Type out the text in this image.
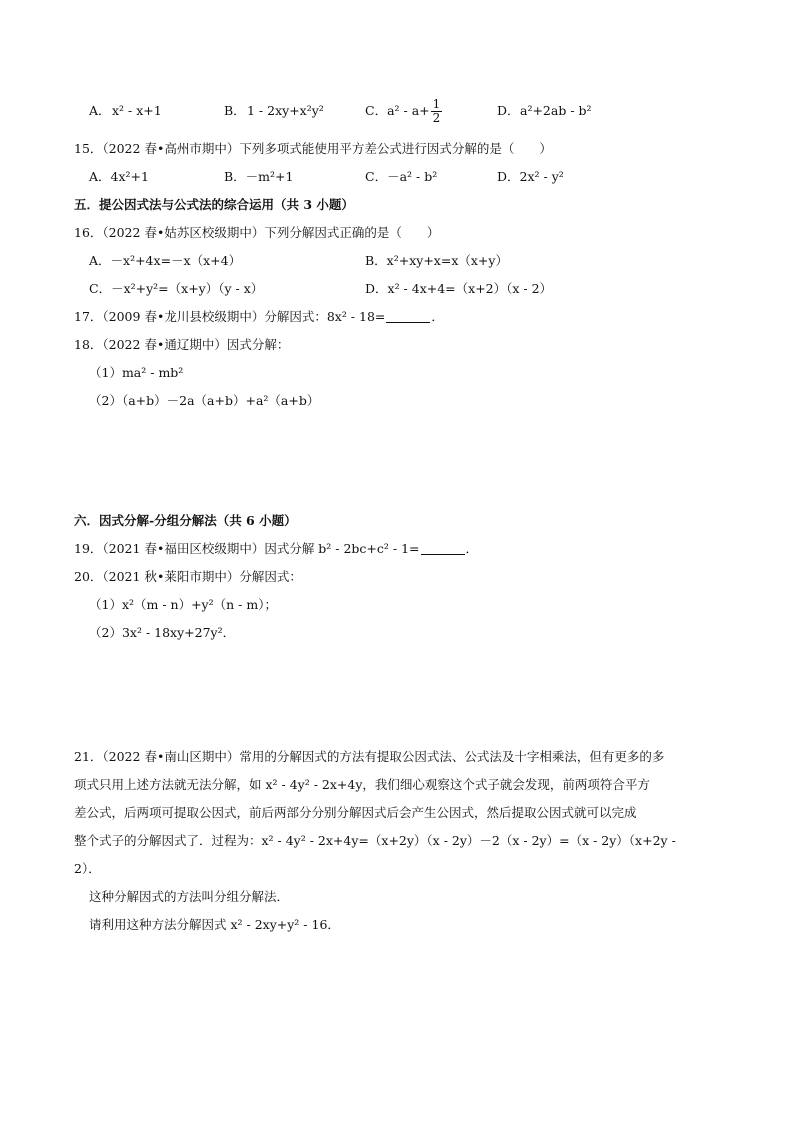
A． x² - x+1	B． 1 - 2xy+x²y²	C．$a^2 - a+ \frac{1}{2}$	D． a²+2ab - b²
15．（2022 春•高州市期中）下列多项式能使用平方差公式进行因式分解的是（　　）
A．4x²+1	B．－m²+1	C．－a² - b²	D．2x² - y²
五．提公因式法与公式法的综合运用（共 3 小题）
16．（2022 春•姑苏区校级期中）下列分解因式正确的是（　　）
A．－x²+4x=－x（x+4）	B．x²+xy+x=x（x+y）
C．－x²+y²=（x+y）（y - x）	D．x² - 4x+4=（x+2）（x - 2）
17．（2009 春•龙川县校级期中）分解因式：8x² - 18=	．
18．（2022 春•通辽期中）因式分解：
（1）ma² - mb²
（2）（a+b）－2a（a+b）+a²（a+b）
六．因式分解-分组分解法（共 6 小题）
19．（2021 春•福田区校级期中）因式分解 b² - 2bc+c² - 1=	．
20．（2021 秋•莱阳市期中）分解因式：
（1）x²（m - n）+y²（n - m）；
（2）3x² - 18xy+27y²．
21．（2022 春•南山区期中）常用的分解因式的方法有提取公因式法、公式法及十字相乘法，但有更多的多
项式只用上述方法就无法分解，如 x² - 4y² - 2x+4y，我们细心观察这个式子就会发现，前两项符合平方
差公式，后两项可提取公因式，前后两部分分别分解因式后会产生公因式，然后提取公因式就可以完成
整个式子的分解因式了．过程为：x² - 4y² - 2x+4y=（x+2y）（x - 2y）－2（x - 2y）=（x - 2y）（x+2y -
2）．
这种分解因式的方法叫分组分解法．
请利用这种方法分解因式 x² - 2xy+y² - 16．
